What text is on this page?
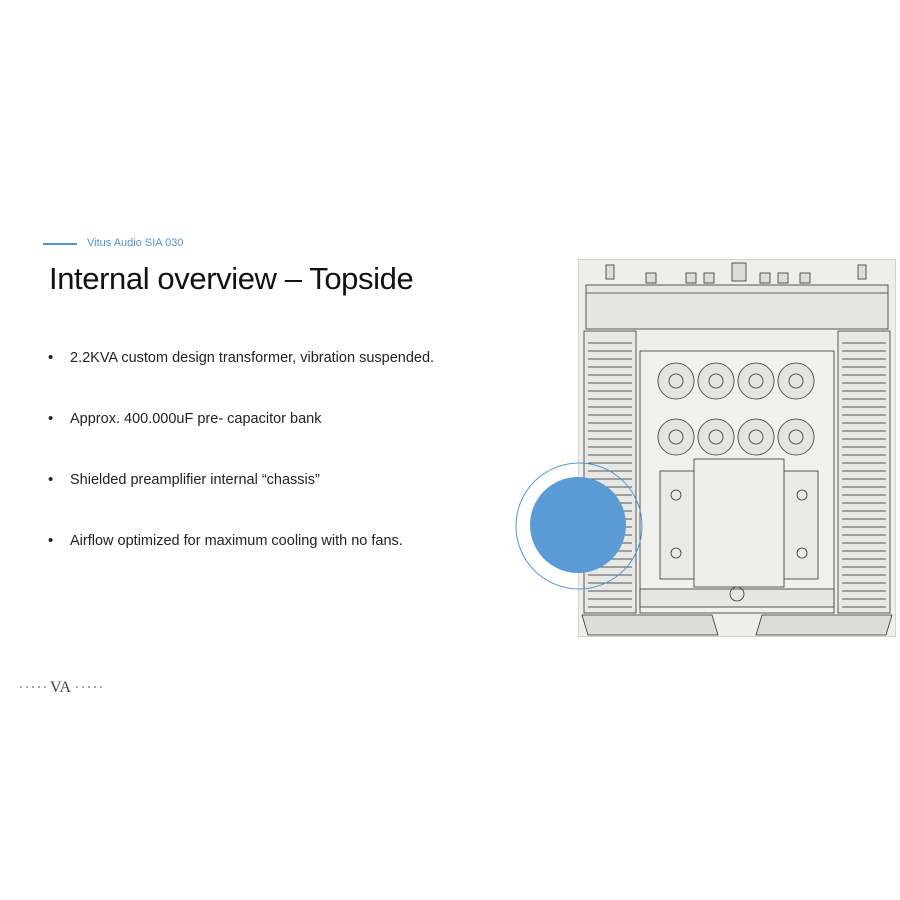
Vitus Audio SIA 030
Internal overview – Topside
• 2.2KVA custom design transformer, vibration suspended.
• Approx. 400.000uF pre- capacitor bank
• Shielded preamplifier internal “chassis”
• Airflow optimized for maximum cooling with no fans.
VA
